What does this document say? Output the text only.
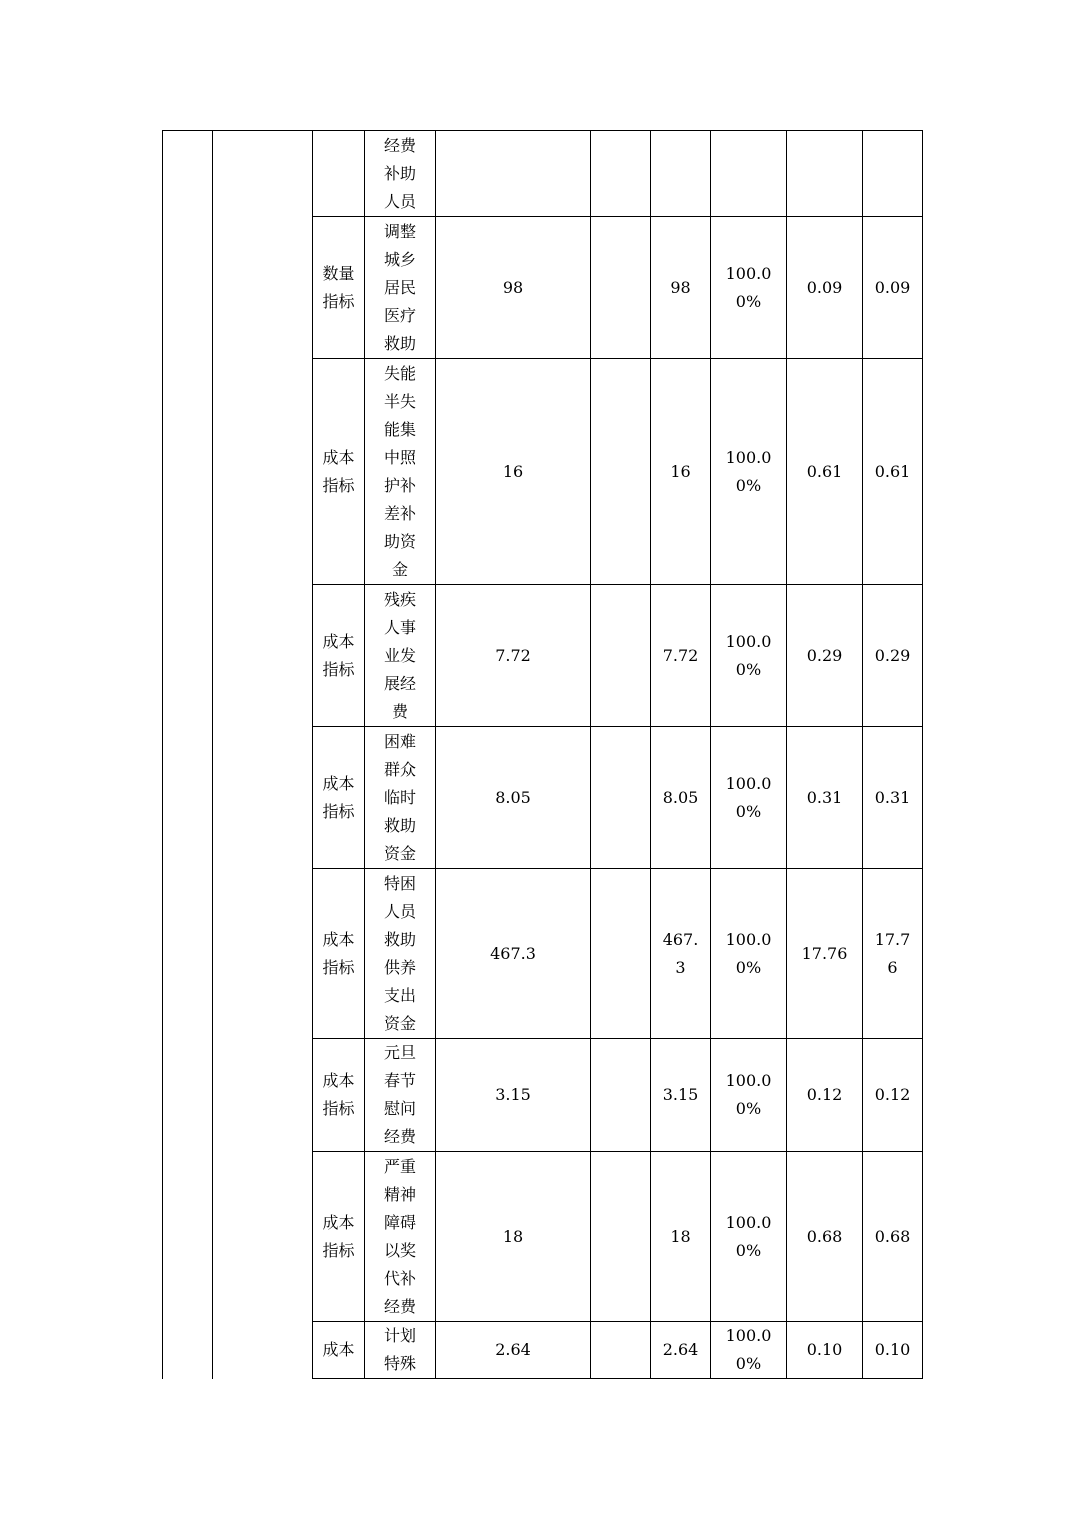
			经费补助人员						
		数量指标	调整城乡居民医疗救助	98		98	100.00%	0.09	0.09
		成本指标	失能半失能集中照护补差补助资金	16		16	100.00%	0.61	0.61
		成本指标	残疾人事业发展经费	7.72		7.72	100.00%	0.29	0.29
		成本指标	困难群众临时救助资金	8.05		8.05	100.00%	0.31	0.31
		成本指标	特困人员救助供养支出资金	467.3		467.3	100.00%	17.76	17.76
		成本指标	元旦春节慰问经费	3.15		3.15	100.00%	0.12	0.12
		成本指标	严重精神障碍以奖代补经费	18		18	100.00%	0.68	0.68
		成本	计划特殊	2.64		2.64	100.00%	0.10	0.10
